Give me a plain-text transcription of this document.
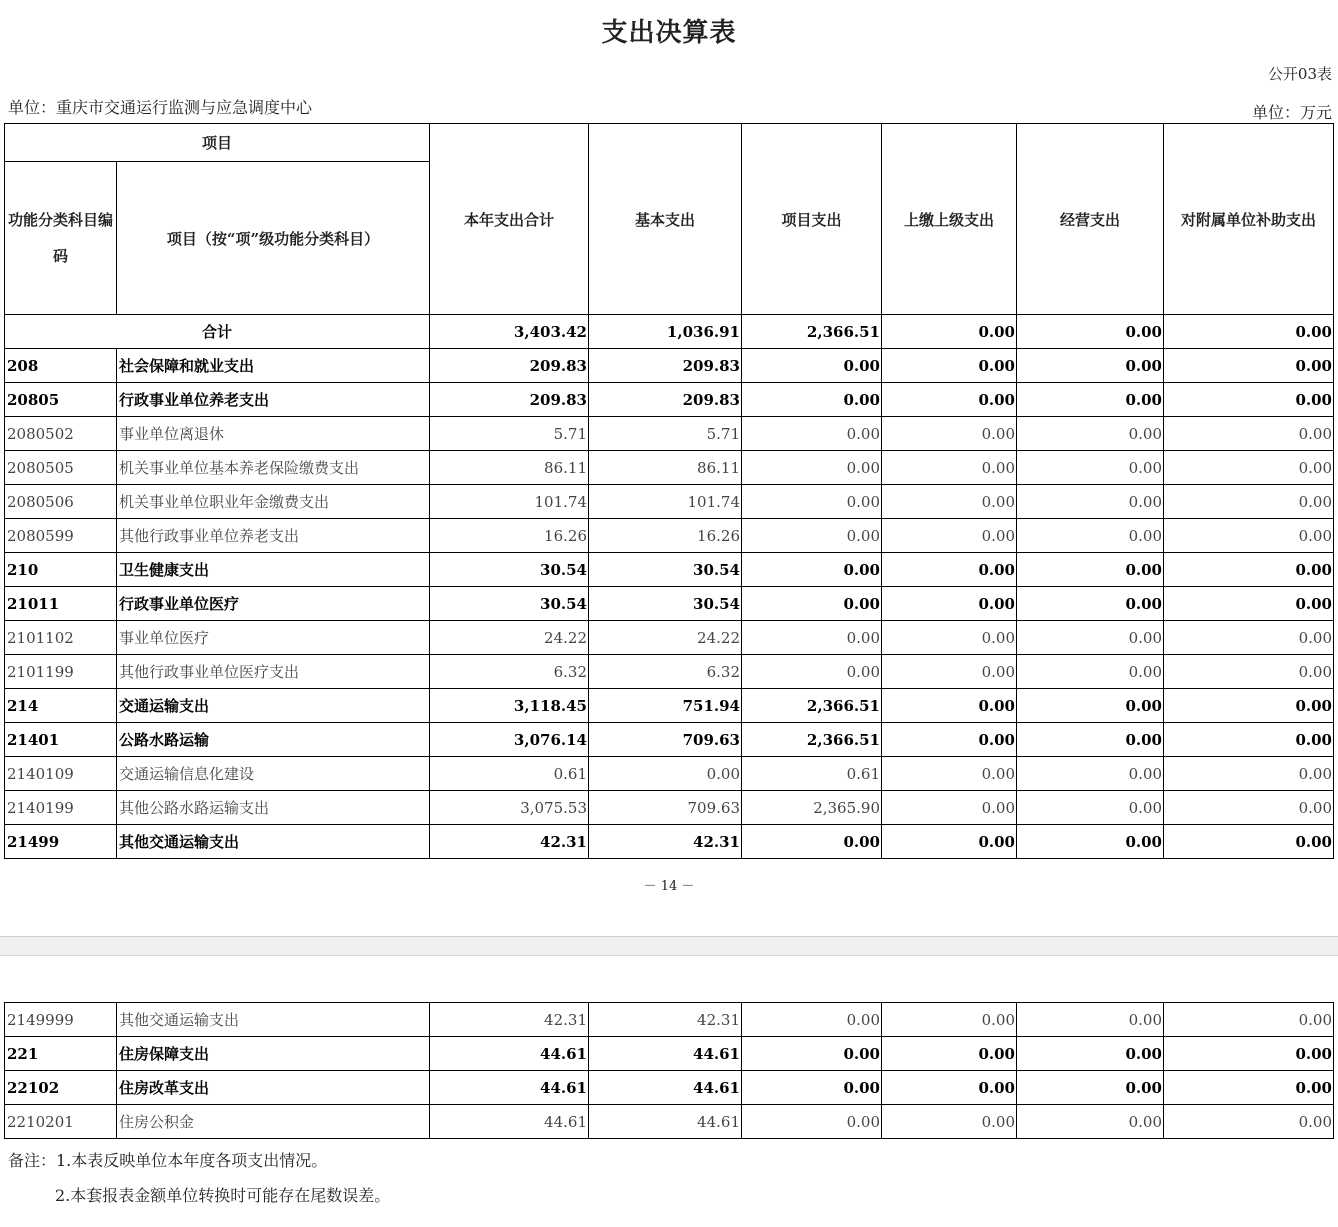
支出决算表
公开03表
单位：重庆市交通运行监测与应急调度中心	单位：万元
项目		本年支出合计	基本支出	项目支出	上缴上级支出	经营支出	对附属单位补助支出
功能分类科目编码	项目（按“项”级功能分类科目）						
合计		3,403.42	1,036.91	2,366.51	0.00	0.00	0.00
208	社会保障和就业支出	209.83	209.83	0.00	0.00	0.00	0.00
20805	行政事业单位养老支出	209.83	209.83	0.00	0.00	0.00	0.00
2080502	事业单位离退休	5.71	5.71	0.00	0.00	0.00	0.00
2080505	机关事业单位基本养老保险缴费支出	86.11	86.11	0.00	0.00	0.00	0.00
2080506	机关事业单位职业年金缴费支出	101.74	101.74	0.00	0.00	0.00	0.00
2080599	其他行政事业单位养老支出	16.26	16.26	0.00	0.00	0.00	0.00
210	卫生健康支出	30.54	30.54	0.00	0.00	0.00	0.00
21011	行政事业单位医疗	30.54	30.54	0.00	0.00	0.00	0.00
2101102	事业单位医疗	24.22	24.22	0.00	0.00	0.00	0.00
2101199	其他行政事业单位医疗支出	6.32	6.32	0.00	0.00	0.00	0.00
214	交通运输支出	3,118.45	751.94	2,366.51	0.00	0.00	0.00
21401	公路水路运输	3,076.14	709.63	2,366.51	0.00	0.00	0.00
2140109	交通运输信息化建设	0.61	0.00	0.61	0.00	0.00	0.00
2140199	其他公路水路运输支出	3,075.53	709.63	2,365.90	0.00	0.00	0.00
21499	其他交通运输支出	42.31	42.31	0.00	0.00	0.00	0.00
－ 14 －
2149999	其他交通运输支出	42.31	42.31	0.00	0.00	0.00	0.00
221	住房保障支出	44.61	44.61	0.00	0.00	0.00	0.00
22102	住房改革支出	44.61	44.61	0.00	0.00	0.00	0.00
2210201	住房公积金	44.61	44.61	0.00	0.00	0.00	0.00
备注：1.本表反映单位本年度各项支出情况。
2.本套报表金额单位转换时可能存在尾数误差。
